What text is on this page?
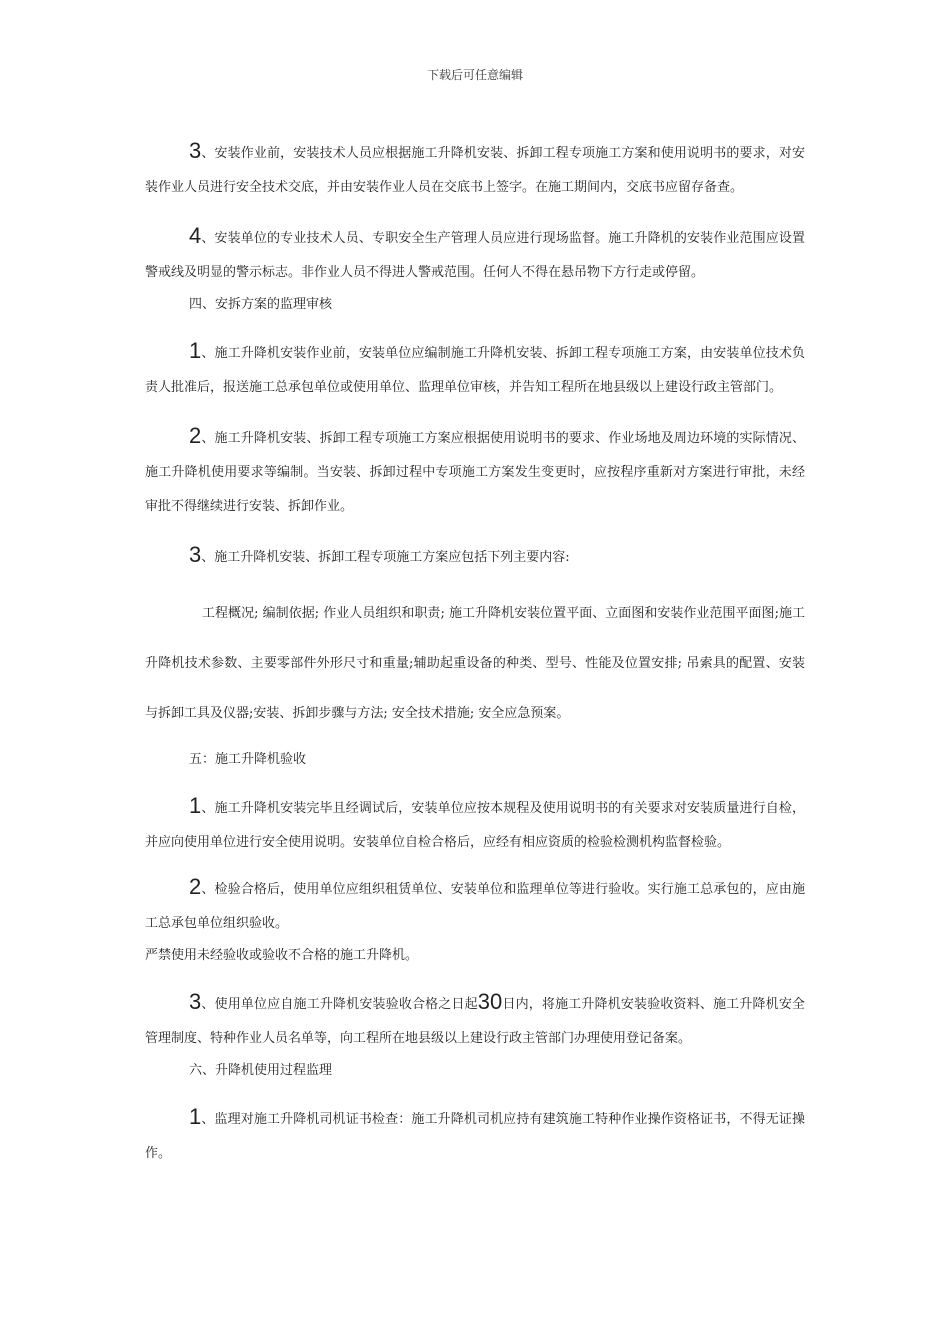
下载后可任意编辑

3、安装作业前，安装技术人员应根据施工升降机安装、拆卸工程专项施工方案和使用说明书的要求，对安装作业人员进行安全技术交底，并由安装作业人员在交底书上签字。在施工期间内，交底书应留存备查。

4、安装单位的专业技术人员、专职安全生产管理人员应进行现场监督。施工升降机的安装作业范围应设置警戒线及明显的警示标志。非作业人员不得进人警戒范围。任何人不得在悬吊物下方行走或停留。

四、安拆方案的监理审核

1、施工升降机安装作业前，安装单位应编制施工升降机安装、拆卸工程专项施工方案，由安装单位技术负责人批准后，报送施工总承包单位或使用单位、监理单位审核，并告知工程所在地县级以上建设行政主管部门。

2、施工升降机安装、拆卸工程专项施工方案应根据使用说明书的要求、作业场地及周边环境的实际情况、施工升降机使用要求等编制。当安装、拆卸过程中专项施工方案发生变更时，应按程序重新对方案进行审批，未经审批不得继续进行安装、拆卸作业。

3、施工升降机安装、拆卸工程专项施工方案应包括下列主要内容:

工程概况; 编制依据; 作业人员组织和职责; 施工升降机安装位置平面、立面图和安装作业范围平面图;施工升降机技术参数、主要零部件外形尺寸和重量;辅助起重设备的种类、型号、性能及位置安排; 吊索具的配置、安装与拆卸工具及仪器;安装、拆卸步骤与方法; 安全技术措施; 安全应急预案。

五：施工升降机验收

1、施工升降机安装完毕且经调试后，安装单位应按本规程及使用说明书的有关要求对安装质量进行自检，并应向使用单位进行安全使用说明。安装单位自检合格后，应经有相应资质的检验检测机构监督检验。

2、检验合格后，使用单位应组织租赁单位、安装单位和监理单位等进行验收。实行施工总承包的，应由施工总承包单位组织验收。

严禁使用未经验收或验收不合格的施工升降机。

3、使用单位应自施工升降机安装验收合格之日起30日内，将施工升降机安装验收资料、施工升降机安全管理制度、特种作业人员名单等，向工程所在地县级以上建设行政主管部门办理使用登记备案。

六、升降机使用过程监理

1、监理对施工升降机司机证书检查：施工升降机司机应持有建筑施工特种作业操作资格证书，不得无证操作。
